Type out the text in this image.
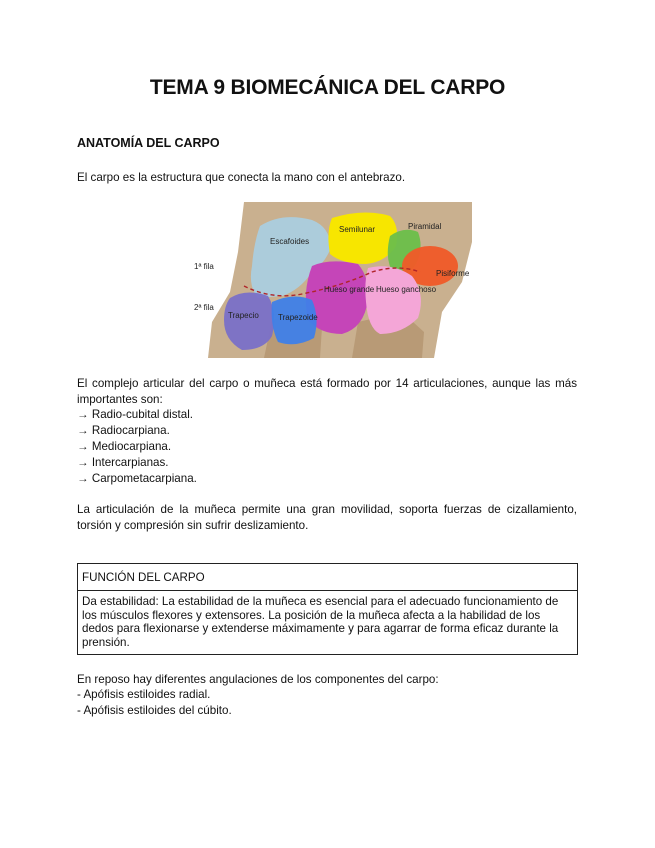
TEMA 9 BIOMECÁNICA DEL CARPO
ANATOMÍA DEL CARPO
El carpo es la estructura que conecta la mano con el antebrazo.
Escafoides
Semilunar	Piramidal
Pisiforme
Hueso grande Hueso ganchoso
Trapecio Trapezoide
1ª fila
2ª fila
El complejo articular del carpo o muñeca está formado por 14 articulaciones, aunque las más importantes son:
→ Radio-cubital distal.
→ Radiocarpiana.
→ Mediocarpiana.
→ Intercarpianas.
→ Carpometacarpiana.
La articulación de la muñeca permite una gran movilidad, soporta fuerzas de cizallamiento, torsión y compresión sin sufrir deslizamiento.
FUNCIÓN DEL CARPO
Da estabilidad: La estabilidad de la muñeca es esencial para el adecuado funcionamiento de los músculos flexores y extensores. La posición de la muñeca afecta a la habilidad de los dedos para flexionarse y extenderse máximamente y para agarrar de forma eficaz durante la prensión.
En reposo hay diferentes angulaciones de los componentes del carpo:
- Apófisis estiloides radial.
- Apófisis estiloides del cúbito.
